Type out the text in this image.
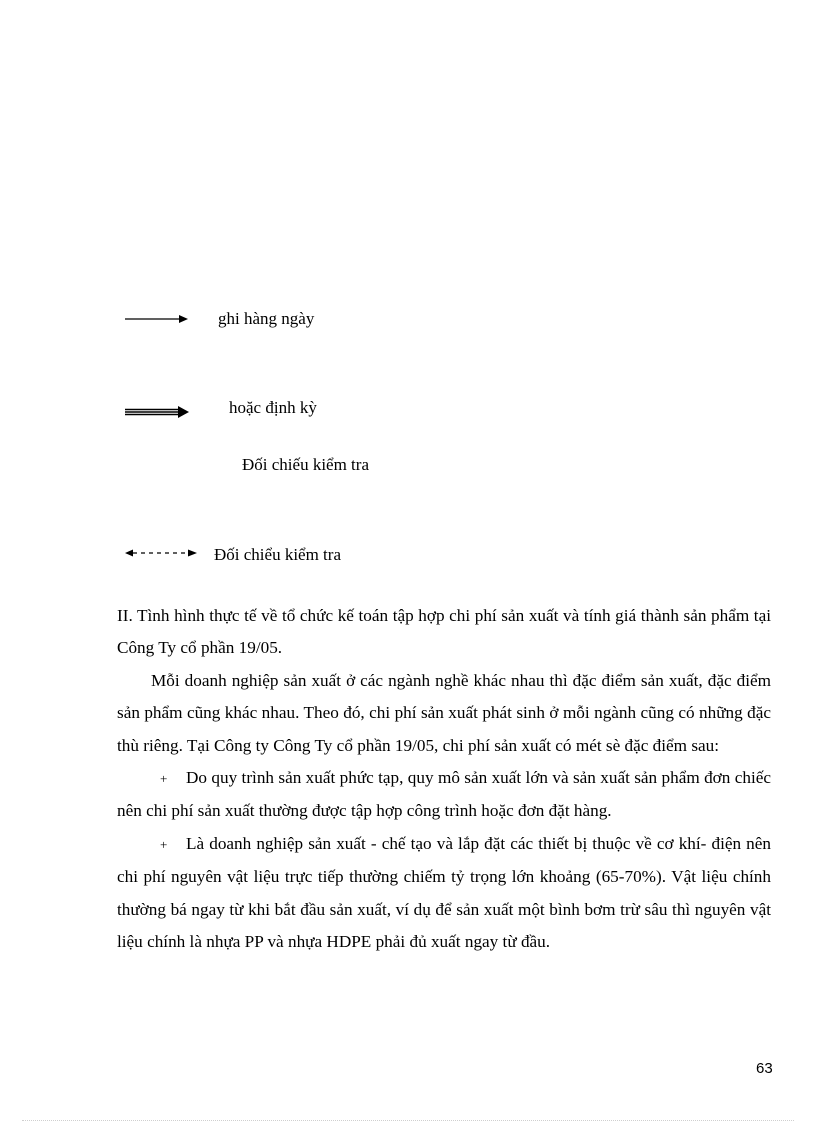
ghi hàng ngày
hoặc định kỳ
Đối chiếu kiểm tra
Đối chiểu kiểm tra

II. Tình hình thực tế về tổ chức kế toán tập hợp chi phí sản xuất và tính giá thành sản phẩm tại Công Ty cổ phần 19/05.

Mỗi doanh nghiệp sản xuất ở các ngành nghề khác nhau thì đặc điểm sản xuất, đặc điểm sản phẩm cũng khác nhau. Theo đó, chi phí sản xuất phát sinh ở mỗi ngành cũng có những đặc thù riêng. Tại Công ty Công Ty cổ phần 19/05, chi phí sản xuất có mét sè đặc điểm sau:

+ Do quy trình sản xuất phức tạp, quy mô sản xuất lớn và sản xuất sản phẩm đơn chiếc nên chi phí sản xuất thường được tập hợp công trình hoặc đơn đặt hàng.

+ Là doanh nghiệp sản xuất - chế tạo và lắp đặt các thiết bị thuộc về cơ khí- điện nên chi phí nguyên vật liệu trực tiếp thường chiếm tỷ trọng lớn khoảng (65-70%). Vật liệu chính thường bá ngay từ khi bắt đầu sản xuất, ví dụ để sản xuất một bình bơm trừ sâu thì nguyên vật liệu chính là nhựa PP và nhựa HDPE phải đủ xuất ngay từ đầu.

63
